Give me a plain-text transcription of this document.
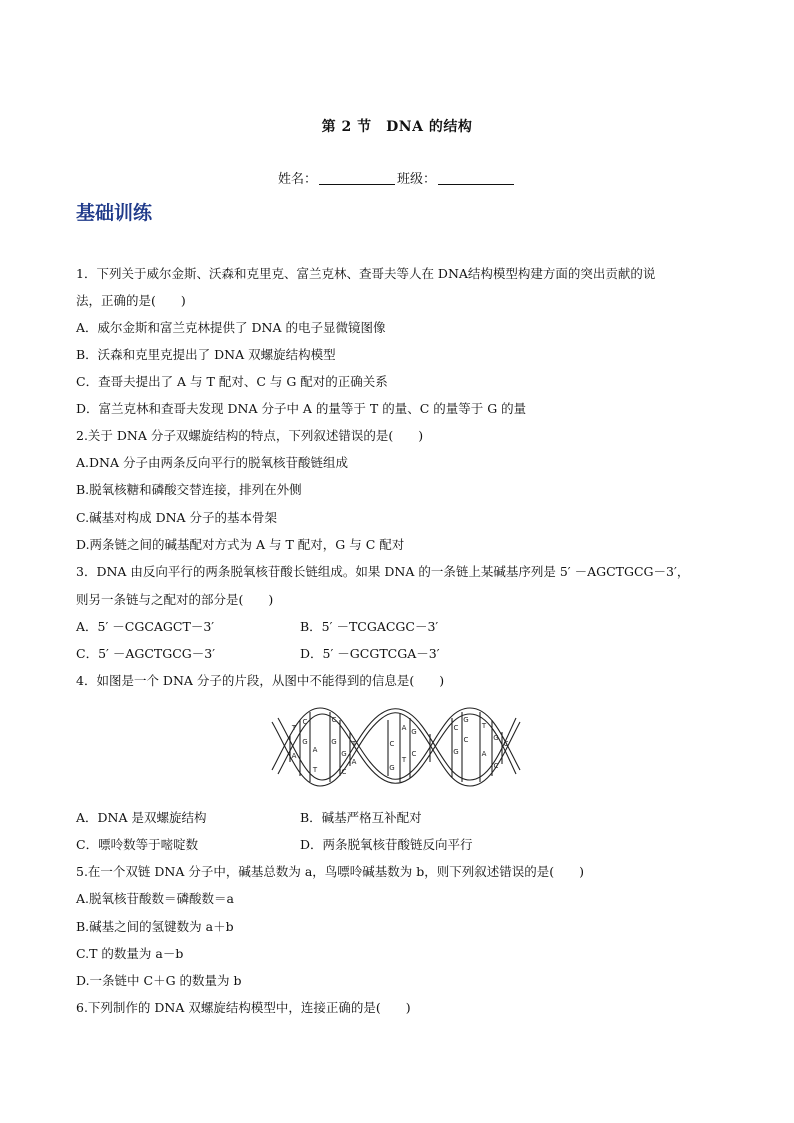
第 2 节　DNA 的结构
姓名：	班级：
基础训练
1．下列关于威尔金斯、沃森和克里克、富兰克林、查哥夫等人在 DNA结构模型构建方面的突出贡献的说
法，正确的是(　　)
A．威尔金斯和富兰克林提供了 DNA 的电子显微镜图像
B．沃森和克里克提出了 DNA 双螺旋结构模型
C．查哥夫提出了 A 与 T 配对、C 与 G 配对的正确关系
D．富兰克林和查哥夫发现 DNA 分子中 A 的量等于 T 的量、C 的量等于 G 的量
2.关于 DNA 分子双螺旋结构的特点，下列叙述错误的是(　　)
A.DNA 分子由两条反向平行的脱氧核苷酸链组成
B.脱氧核糖和磷酸交替连接，排列在外侧
C.碱基对构成 DNA 分子的基本骨架
D.两条链之间的碱基配对方式为 A 与 T 配对，G 与 C 配对
3．DNA 由反向平行的两条脱氧核苷酸长链组成。如果 DNA 的一条链上某碱基序列是 5′ －AGCTGCG－3′，
则另一条链与之配对的部分是(　　)
A．5′ －CGCAGCT－3′	B．5′ －TCGACGC－3′
C．5′ －AGCTGCG－3′	D．5′ －GCGTCGA－3′
4．如图是一个 DNA 分子的片段，从图中不能得到的信息是(　　)
T
A
C
G
A
T
C
G
G
C
T
A
C
G
A
T
G
C
C
G
G
C
T
A
G
C
C
A．DNA 是双螺旋结构	B．碱基严格互补配对
C．嘌呤数等于嘧啶数	D．两条脱氧核苷酸链反向平行
5.在一个双链 DNA 分子中，碱基总数为 a，鸟嘌呤碱基数为 b，则下列叙述错误的是(　　)
A.脱氧核苷酸数＝磷酸数＝a
B.碱基之间的氢键数为 a＋b
C.T 的数量为 a－b
D.一条链中 C＋G 的数量为 b
6.下列制作的 DNA 双螺旋结构模型中，连接正确的是(　　)
